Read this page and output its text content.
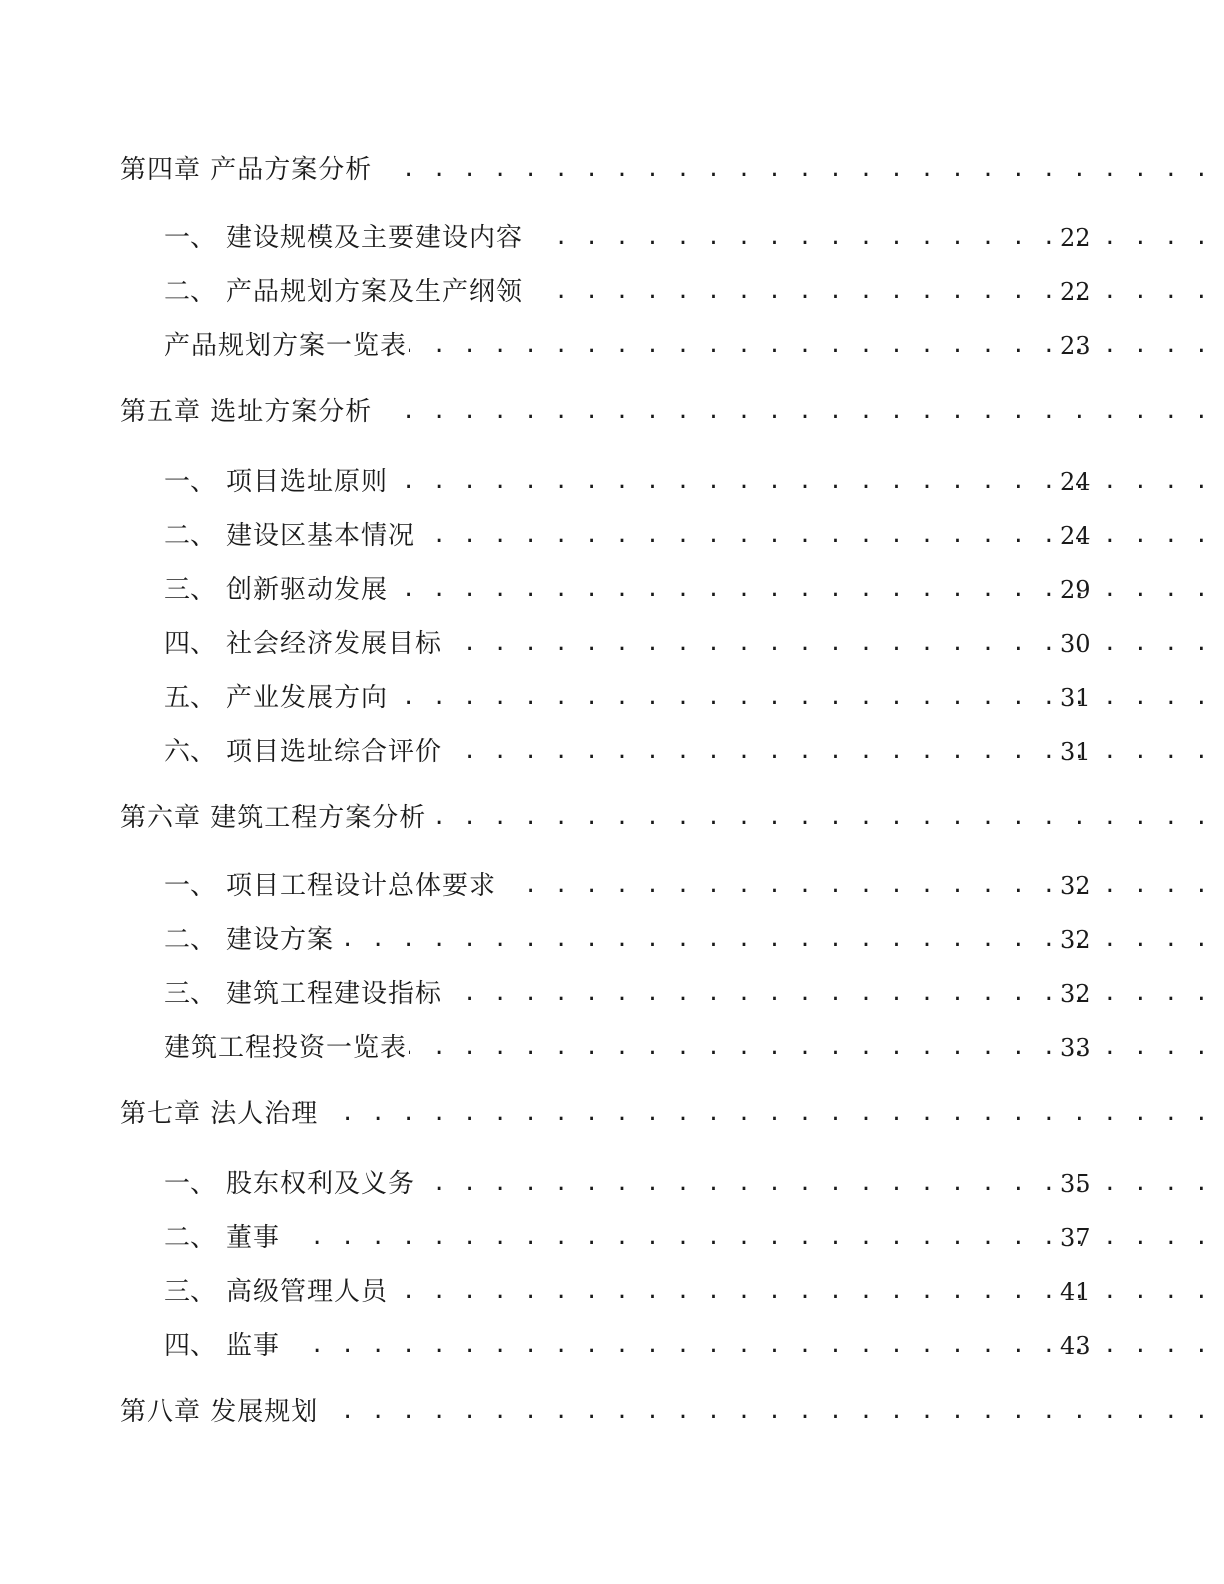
第四章 产品方案分析
. . .
一、 建设规模及主要建设内容	. . . 22
二、 产品规划方案及生产纲领	. . . 22
产品规划方案一览表	. . . 23
第五章 选址方案分析
. . .
一、 项目选址原则	. . . 24
二、 建设区基本情况	. . . 24
三、 创新驱动发展	. . . 29
四、 社会经济发展目标	. . . 30
五、 产业发展方向	. . . 31
六、 项目选址综合评价	. . . 31
第六章 建筑工程方案分析
. . .
一、 项目工程设计总体要求	. . . 32
二、 建设方案	. . . 32
三、 建筑工程建设指标	. . . 32
建筑工程投资一览表	. . . 33
第七章 法人治理
. . .
一、 股东权利及义务	. . . 35
二、 董事	. . . 37
三、 高级管理人员	. . . 41
四、 监事	. . . 43
第八章 发展规划
. . .
